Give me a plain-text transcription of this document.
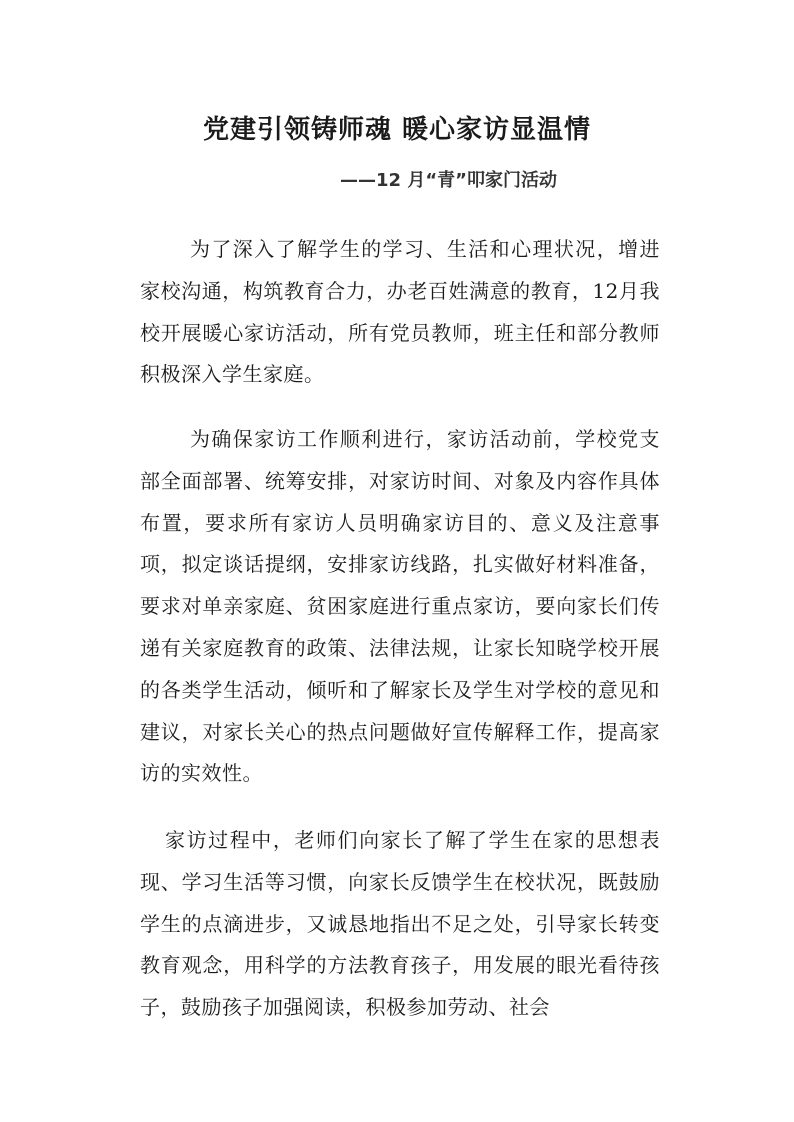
党建引领铸师魂 暖心家访显温情

——12 月“青”叩家门活动

为了深入了解学生的学习、生活和心理状况，增进家校沟通，构筑教育合力，办老百姓满意的教育，12月我校开展暖心家访活动，所有党员教师，班主任和部分教师积极深入学生家庭。

为确保家访工作顺利进行，家访活动前，学校党支部全面部署、统筹安排，对家访时间、对象及内容作具体布置，要求所有家访人员明确家访目的、意义及注意事项，拟定谈话提纲，安排家访线路，扎实做好材料准备，要求对单亲家庭、贫困家庭进行重点家访，要向家长们传递有关家庭教育的政策、法律法规，让家长知晓学校开展的各类学生活动，倾听和了解家长及学生对学校的意见和建议，对家长关心的热点问题做好宣传解释工作，提高家访的实效性。

家访过程中，老师们向家长了解了学生在家的思想表现、学习生活等习惯，向家长反馈学生在校状况，既鼓励学生的点滴进步，又诚恳地指出不足之处，引导家长转变教育观念，用科学的方法教育孩子，用发展的眼光看待孩子，鼓励孩子加强阅读，积极参加劳动、社会
